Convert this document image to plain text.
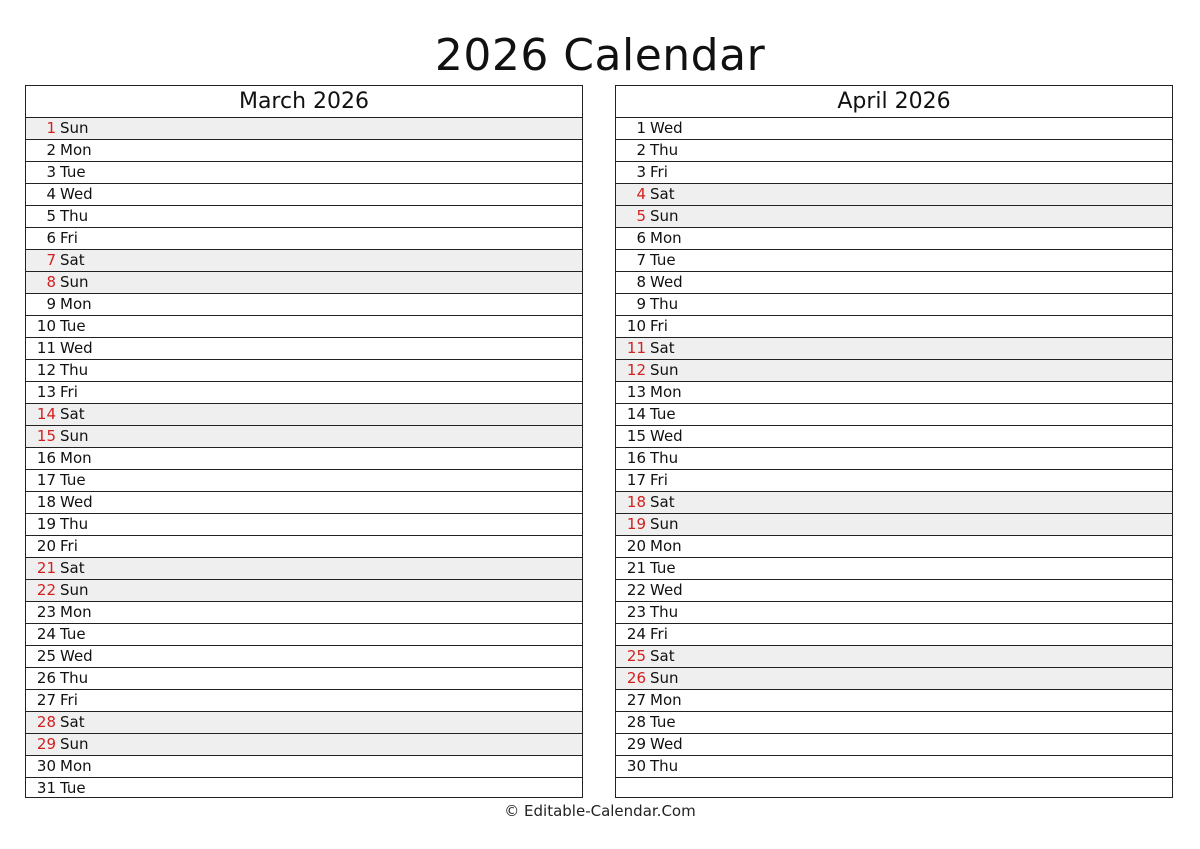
2026 Calendar
March 2026
1 Sun
2 Mon
3 Tue
4 Wed
5 Thu
6 Fri
7 Sat
8 Sun
9 Mon
10 Tue
11 Wed
12 Thu
13 Fri
14 Sat
15 Sun
16 Mon
17 Tue
18 Wed
19 Thu
20 Fri
21 Sat
22 Sun
23 Mon
24 Tue
25 Wed
26 Thu
27 Fri
28 Sat
29 Sun
30 Mon
31 Tue
April 2026
1 Wed
2 Thu
3 Fri
4 Sat
5 Sun
6 Mon
7 Tue
8 Wed
9 Thu
10 Fri
11 Sat
12 Sun
13 Mon
14 Tue
15 Wed
16 Thu
17 Fri
18 Sat
19 Sun
20 Mon
21 Tue
22 Wed
23 Thu
24 Fri
25 Sat
26 Sun
27 Mon
28 Tue
29 Wed
30 Thu
© Editable-Calendar.Com
